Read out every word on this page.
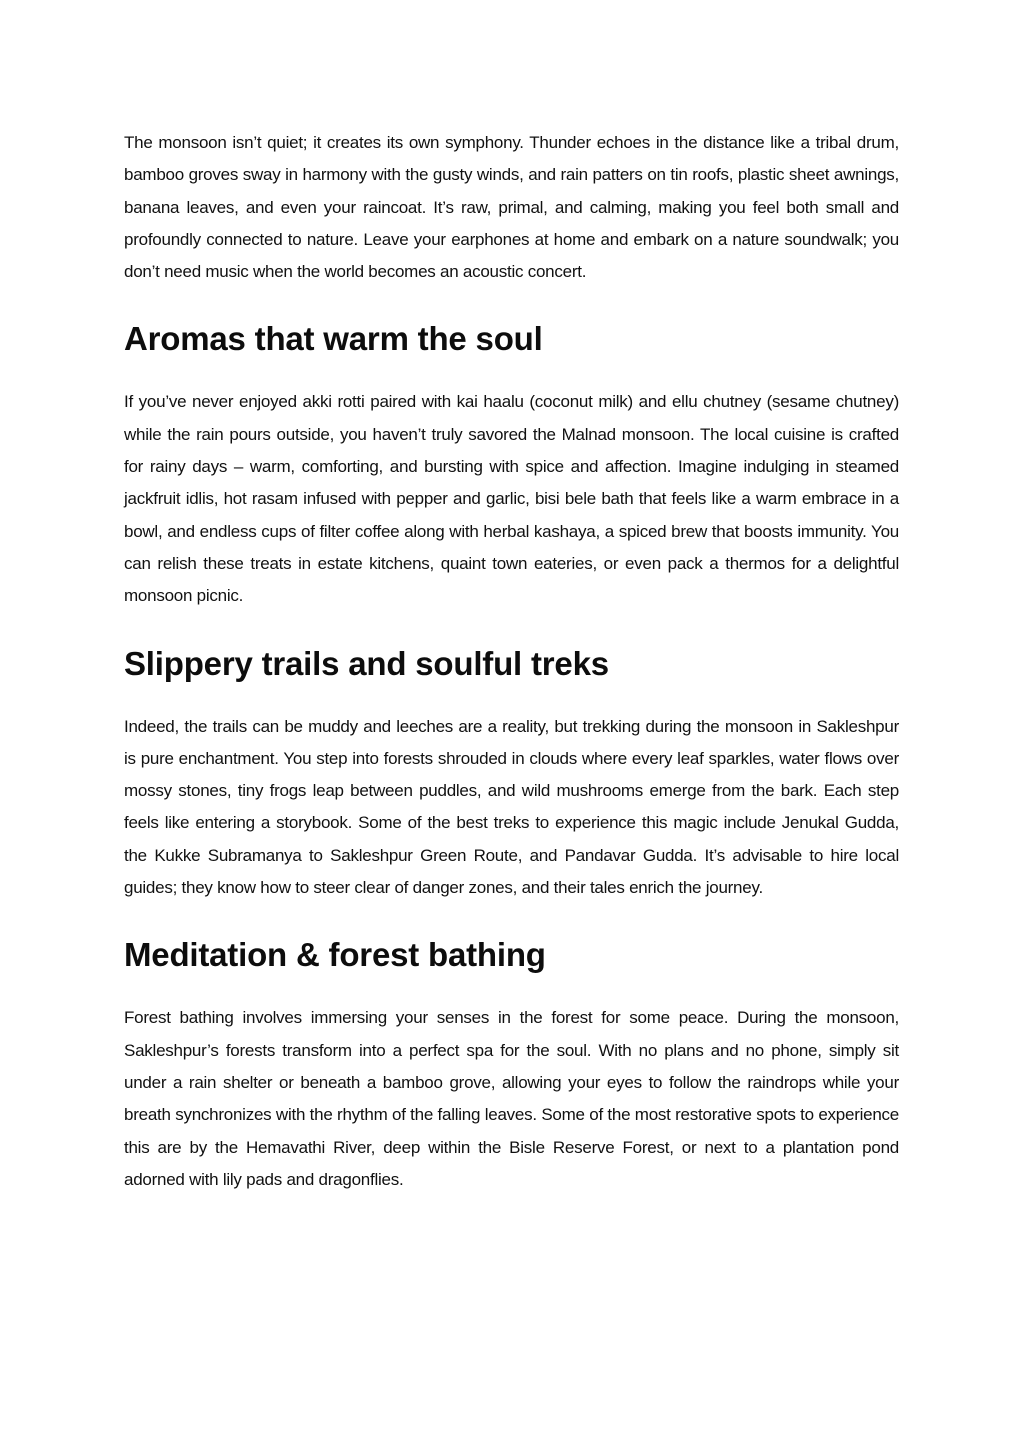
The monsoon isn’t quiet; it creates its own symphony. Thunder echoes in the distance like a tribal drum, bamboo groves sway in harmony with the gusty winds, and rain patters on tin roofs, plastic sheet awnings, banana leaves, and even your raincoat. It’s raw, primal, and calming, making you feel both small and profoundly connected to nature. Leave your earphones at home and embark on a nature soundwalk; you don’t need music when the world becomes an acoustic concert.

Aromas that warm the soul

If you’ve never enjoyed akki rotti paired with kai haalu (coconut milk) and ellu chutney (sesame chutney) while the rain pours outside, you haven’t truly savored the Malnad monsoon. The local cuisine is crafted for rainy days – warm, comforting, and bursting with spice and affection. Imagine indulging in steamed jackfruit idlis, hot rasam infused with pepper and garlic, bisi bele bath that feels like a warm embrace in a bowl, and endless cups of filter coffee along with herbal kashaya, a spiced brew that boosts immunity. You can relish these treats in estate kitchens, quaint town eateries, or even pack a thermos for a delightful monsoon picnic.

Slippery trails and soulful treks

Indeed, the trails can be muddy and leeches are a reality, but trekking during the monsoon in Sakleshpur is pure enchantment. You step into forests shrouded in clouds where every leaf sparkles, water flows over mossy stones, tiny frogs leap between puddles, and wild mushrooms emerge from the bark. Each step feels like entering a storybook. Some of the best treks to experience this magic include Jenukal Gudda, the Kukke Subramanya to Sakleshpur Green Route, and Pandavar Gudda. It’s advisable to hire local guides; they know how to steer clear of danger zones, and their tales enrich the journey.

Meditation & forest bathing

Forest bathing involves immersing your senses in the forest for some peace. During the monsoon, Sakleshpur’s forests transform into a perfect spa for the soul. With no plans and no phone, simply sit under a rain shelter or beneath a bamboo grove, allowing your eyes to follow the raindrops while your breath synchronizes with the rhythm of the falling leaves. Some of the most restorative spots to experience this are by the Hemavathi River, deep within the Bisle Reserve Forest, or next to a plantation pond adorned with lily pads and dragonflies.
